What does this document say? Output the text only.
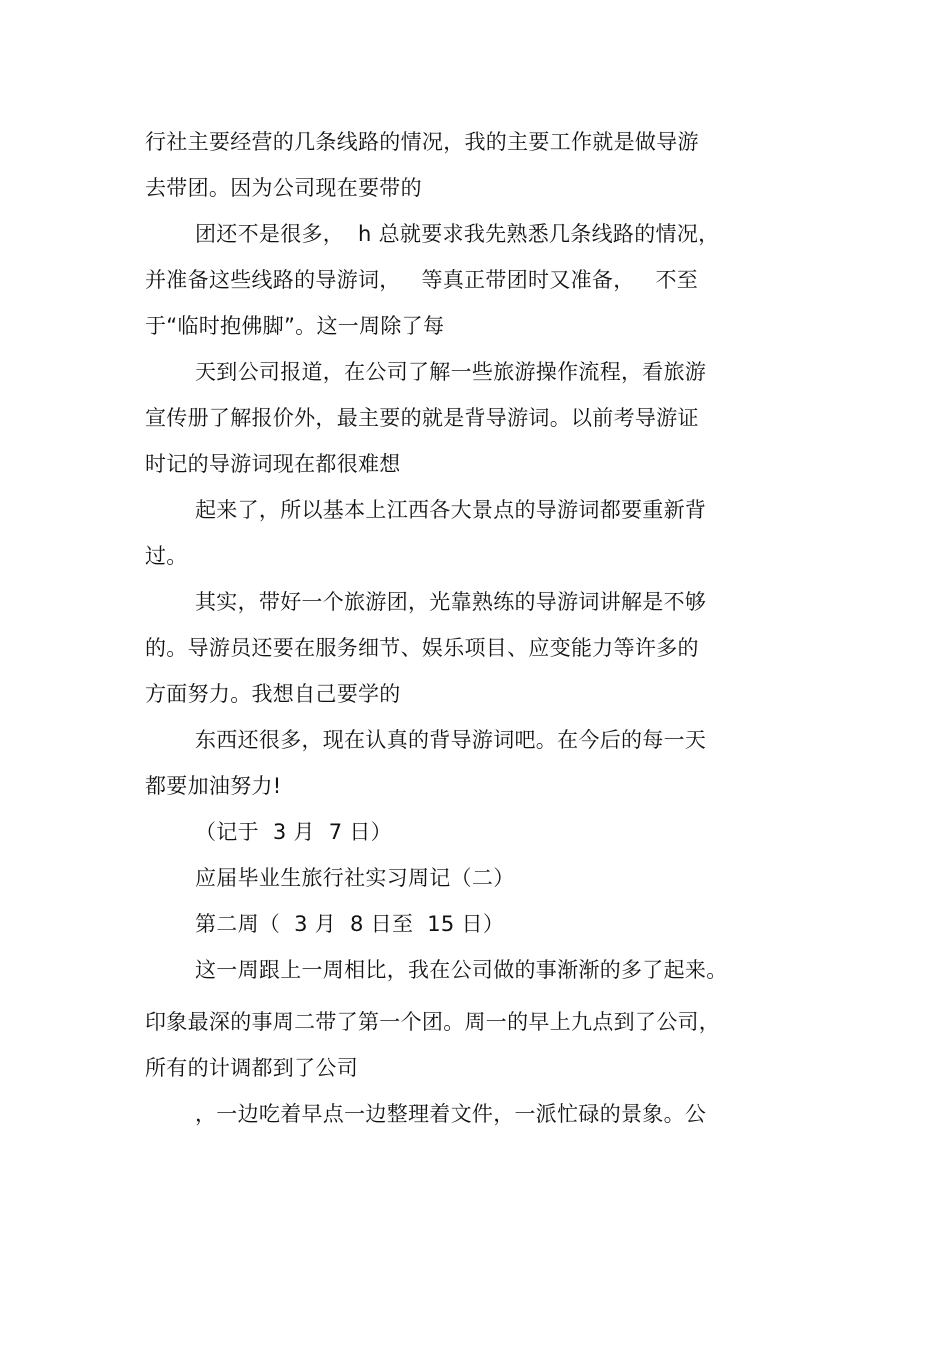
行社主要经营的几条线路的情况，我的主要工作就是做导游
去带团。因为公司现在要带的
团还不是很多，  h 总就要求我先熟悉几条线路的情况，
并准备这些线路的导游词，   等真正带团时又准备，   不至
于“临时抱佛脚”。这一周除了每
天到公司报道，在公司了解一些旅游操作流程，看旅游
宣传册了解报价外，最主要的就是背导游词。以前考导游证
时记的导游词现在都很难想
起来了，所以基本上江西各大景点的导游词都要重新背
过。
其实，带好一个旅游团，光靠熟练的导游词讲解是不够
的。导游员还要在服务细节、娱乐项目、应变能力等许多的
方面努力。我想自己要学的
东西还很多，现在认真的背导游词吧。在今后的每一天
都要加油努力!
（记于  3 月  7 日）
应届毕业生旅行社实习周记（二）
第二周（  3 月  8 日至  15 日）
这一周跟上一周相比，我在公司做的事渐渐的多了起来。
印象最深的事周二带了第一个团。周一的早上九点到了公司，
所有的计调都到了公司
，一边吃着早点一边整理着文件，一派忙碌的景象。公
